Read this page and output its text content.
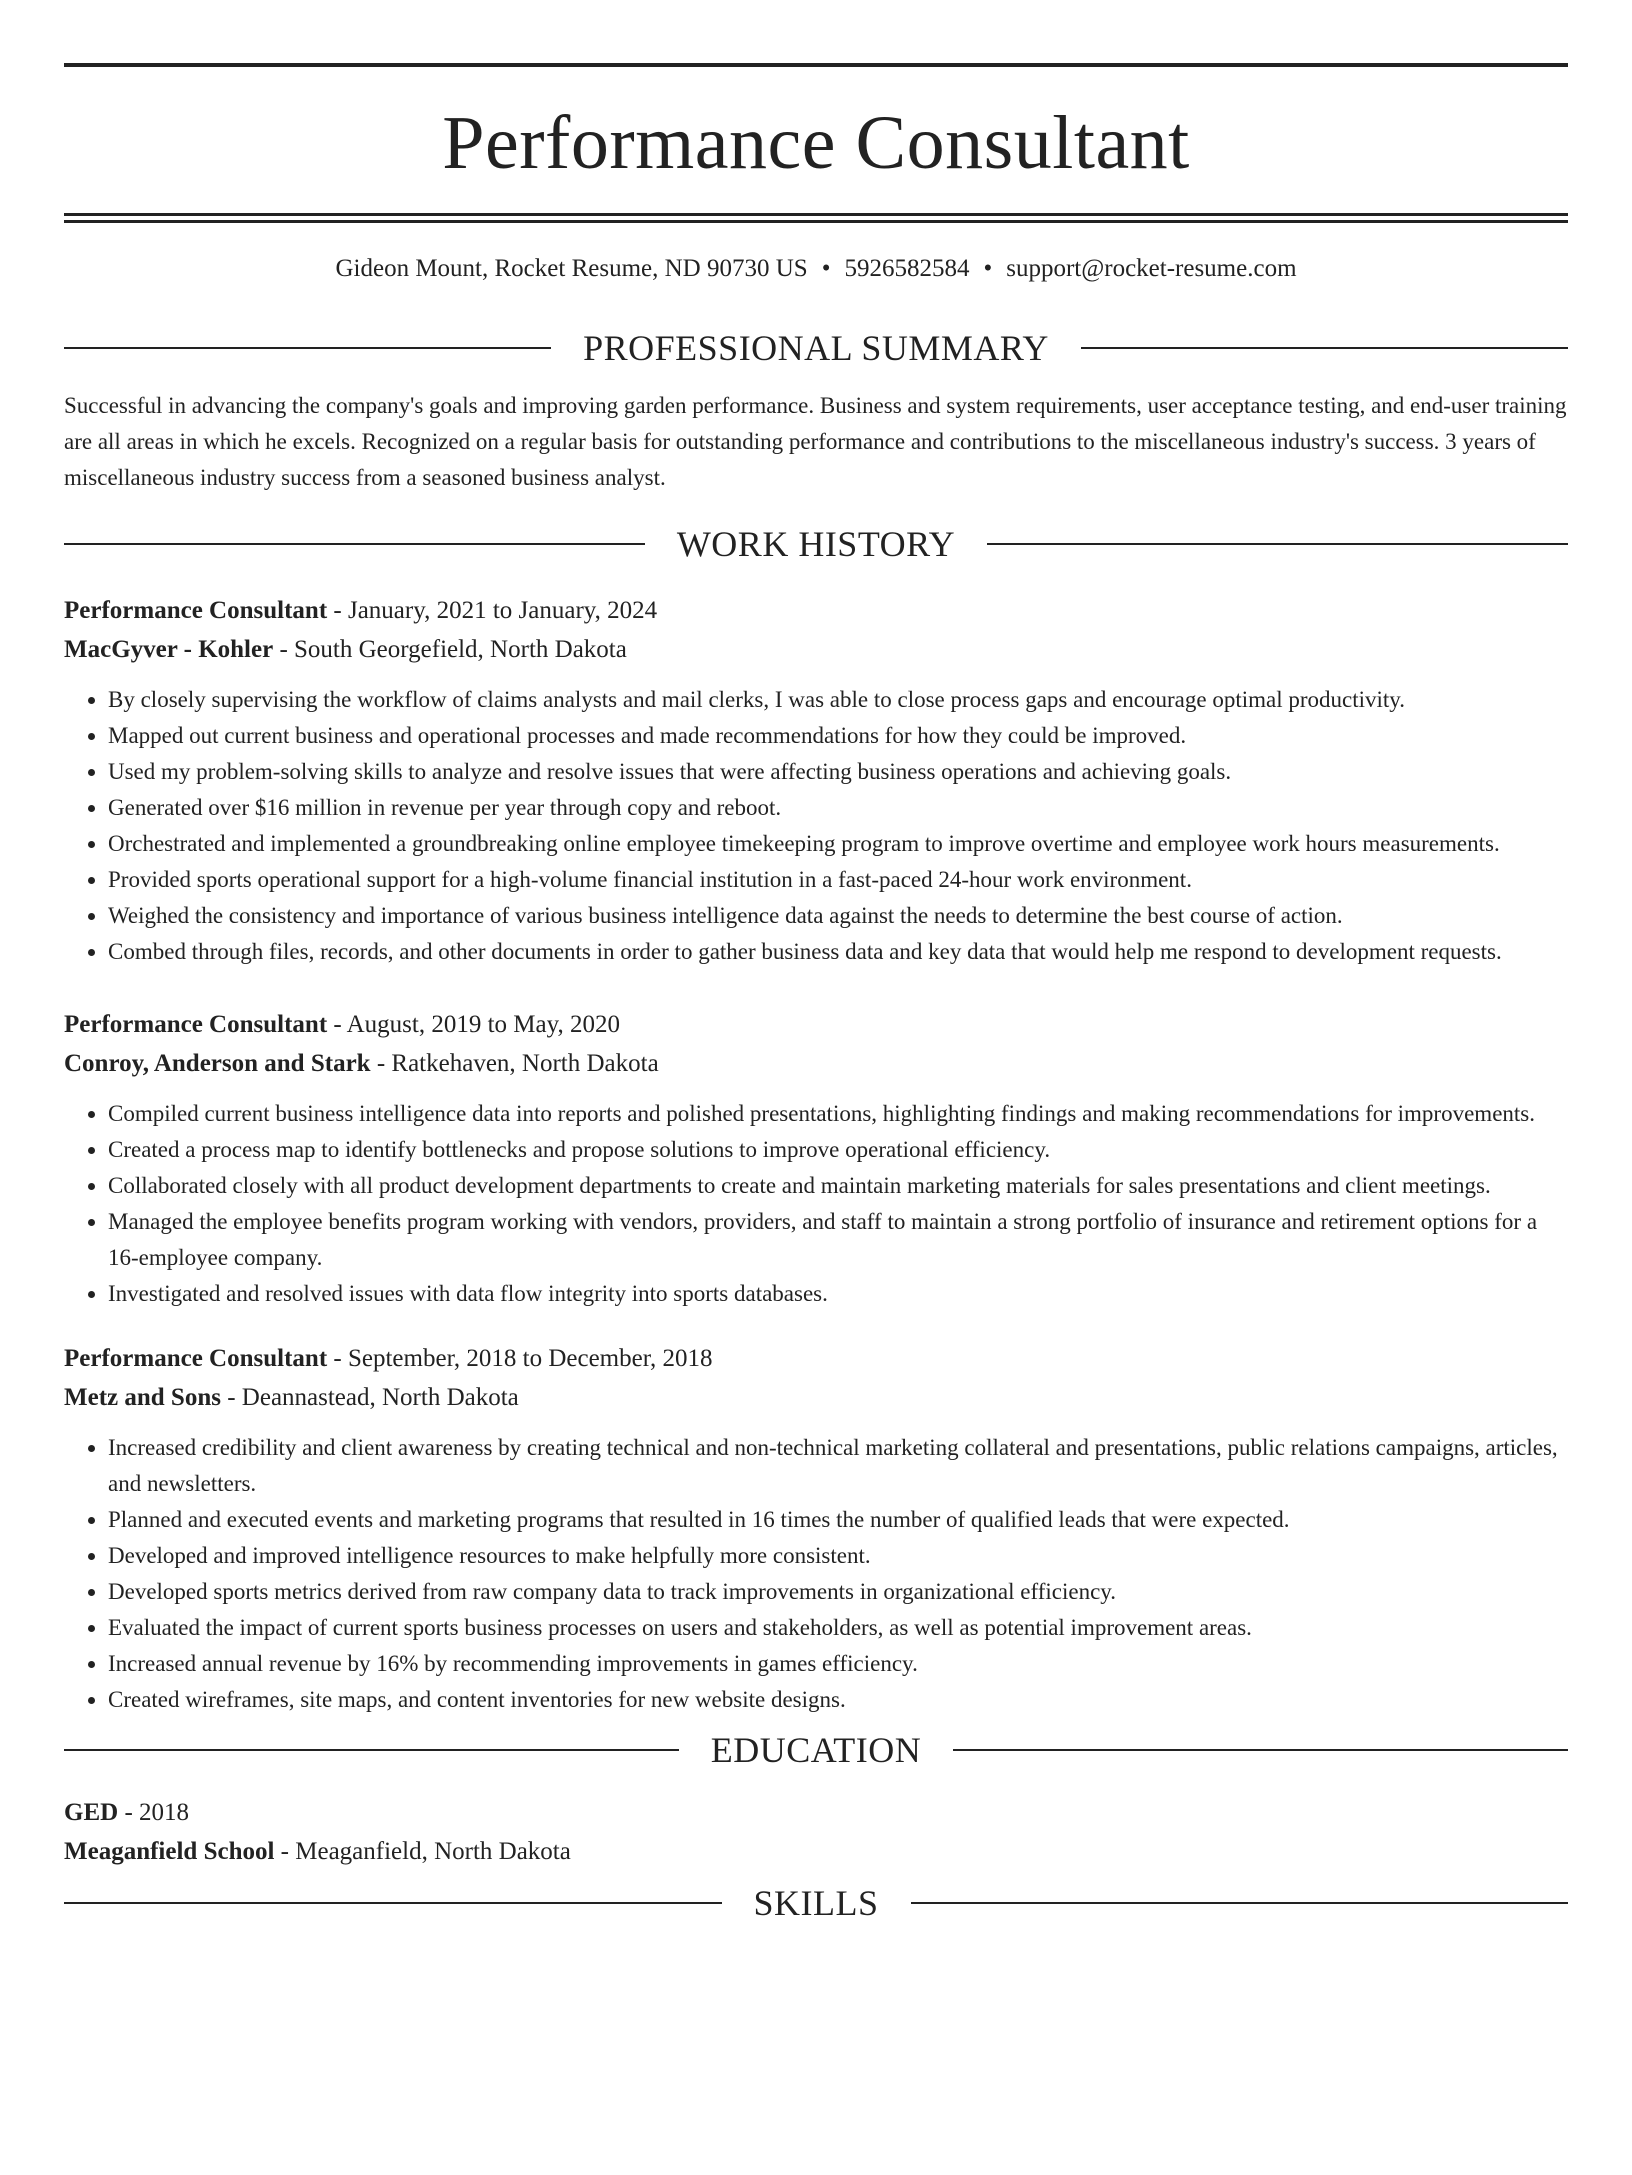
Performance Consultant
Gideon Mount, Rocket Resume, ND 90730 US • 5926582584 • support@rocket-resume.com
PROFESSIONAL SUMMARY
Successful in advancing the company's goals and improving garden performance. Business and system requirements, user acceptance testing, and end-user training are all areas in which he excels. Recognized on a regular basis for outstanding performance and contributions to the miscellaneous industry's success. 3 years of miscellaneous industry success from a seasoned business analyst.
WORK HISTORY
Performance Consultant - January, 2021 to January, 2024
MacGyver - Kohler - South Georgefield, North Dakota
• By closely supervising the workflow of claims analysts and mail clerks, I was able to close process gaps and encourage optimal productivity.
• Mapped out current business and operational processes and made recommendations for how they could be improved.
• Used my problem-solving skills to analyze and resolve issues that were affecting business operations and achieving goals.
• Generated over $16 million in revenue per year through copy and reboot.
• Orchestrated and implemented a groundbreaking online employee timekeeping program to improve overtime and employee work hours measurements.
• Provided sports operational support for a high-volume financial institution in a fast-paced 24-hour work environment.
• Weighed the consistency and importance of various business intelligence data against the needs to determine the best course of action.
• Combed through files, records, and other documents in order to gather business data and key data that would help me respond to development requests.
Performance Consultant - August, 2019 to May, 2020
Conroy, Anderson and Stark - Ratkehaven, North Dakota
• Compiled current business intelligence data into reports and polished presentations, highlighting findings and making recommendations for improvements.
• Created a process map to identify bottlenecks and propose solutions to improve operational efficiency.
• Collaborated closely with all product development departments to create and maintain marketing materials for sales presentations and client meetings.
• Managed the employee benefits program working with vendors, providers, and staff to maintain a strong portfolio of insurance and retirement options for a 16-employee company.
• Investigated and resolved issues with data flow integrity into sports databases.
Performance Consultant - September, 2018 to December, 2018
Metz and Sons - Deannastead, North Dakota
• Increased credibility and client awareness by creating technical and non-technical marketing collateral and presentations, public relations campaigns, articles, and newsletters.
• Planned and executed events and marketing programs that resulted in 16 times the number of qualified leads that were expected.
• Developed and improved intelligence resources to make helpfully more consistent.
• Developed sports metrics derived from raw company data to track improvements in organizational efficiency.
• Evaluated the impact of current sports business processes on users and stakeholders, as well as potential improvement areas.
• Increased annual revenue by 16% by recommending improvements in games efficiency.
• Created wireframes, site maps, and content inventories for new website designs.
EDUCATION
GED - 2018
Meaganfield School - Meaganfield, North Dakota
SKILLS
